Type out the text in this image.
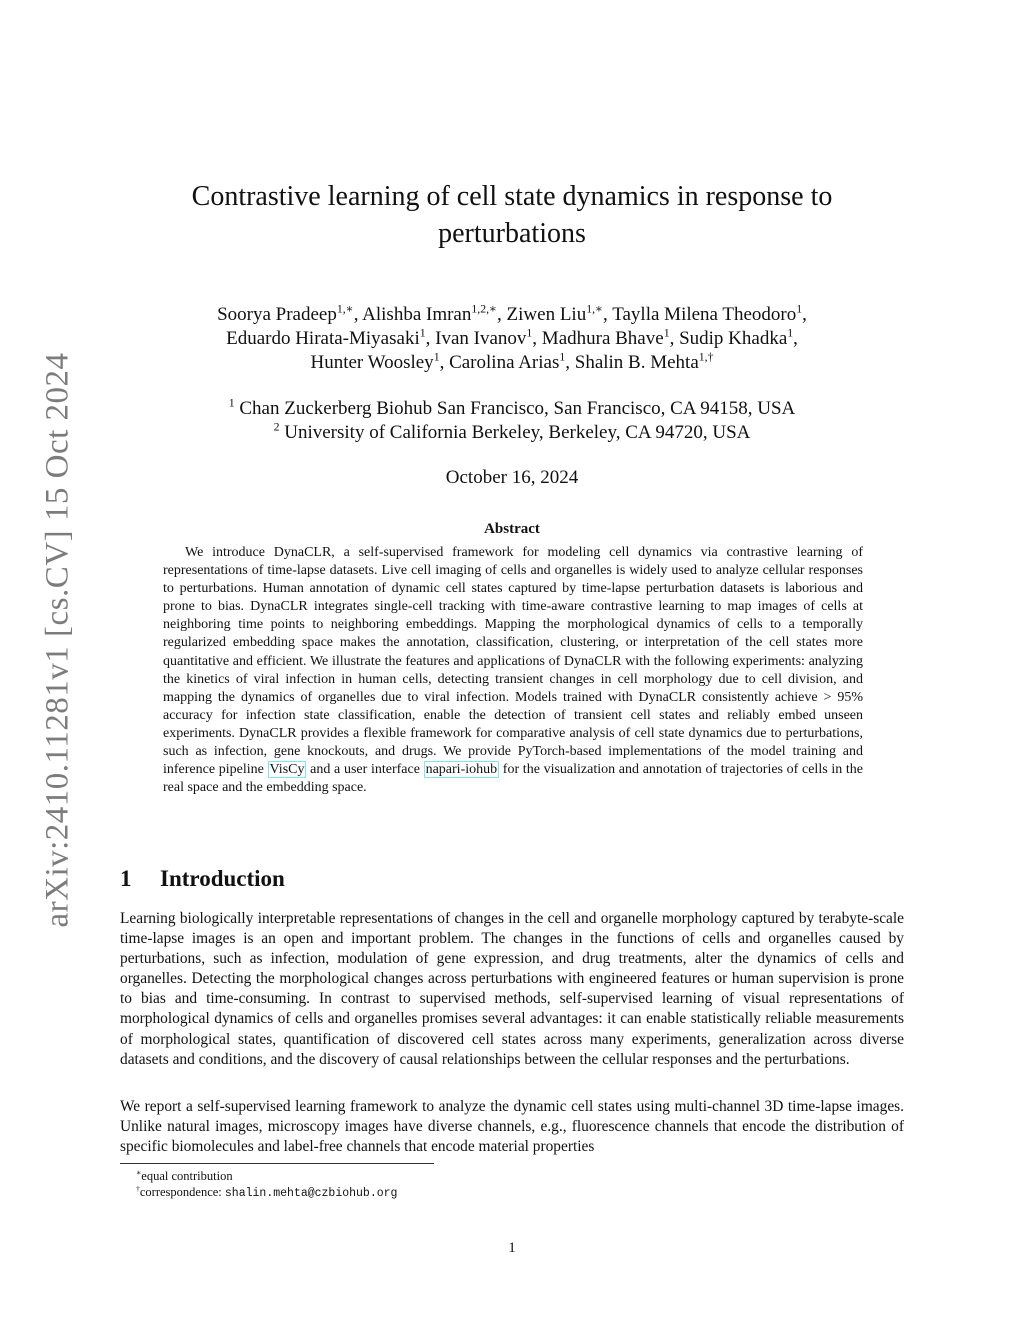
arXiv:2410.11281v1 [cs.CV] 15 Oct 2024
Contrastive learning of cell state dynamics in response to perturbations
Soorya Pradeep$^{1,∗}$, Alishba Imran$^{1,2,∗}$, Ziwen Liu$^{1,∗}$, Taylla Milena Theodoro$^1$,
Eduardo Hirata-Miyasaki$^1$, Ivan Ivanov$^1$, Madhura Bhave$^1$, Sudip Khadka$^1$,
Hunter Woosley$^1$, Carolina Arias$^1$, Shalin B. Mehta$^{1,\dagger}$
$^1$ Chan Zuckerberg Biohub San Francisco, San Francisco, CA 94158, USA
$^2$ University of California Berkeley, Berkeley, CA 94720, USA
October 16, 2024
Abstract
We introduce DynaCLR, a self-supervised framework for modeling cell dynamics via contrastive learning of representations of time-lapse datasets. Live cell imaging of cells and organelles is widely used to analyze cellular responses to perturbations. Human annotation of dynamic cell states captured by time-lapse perturbation datasets is laborious and prone to bias. DynaCLR integrates single-cell tracking with time-aware contrastive learning to map images of cells at neighboring time points to neighboring embeddings. Mapping the morphological dynamics of cells to a temporally regularized embedding space makes the annotation, classification, clustering, or interpretation of the cell states more quantitative and efficient. We illustrate the features and applications of DynaCLR with the following experiments: analyzing the kinetics of viral infection in human cells, detecting transient changes in cell morphology due to cell division, and mapping the dynamics of organelles due to viral infection. Models trained with DynaCLR consistently achieve > 95% accuracy for infection state classification, enable the detection of transient cell states and reliably embed unseen experiments. DynaCLR provides a flexible framework for comparative analysis of cell state dynamics due to perturbations, such as infection, gene knockouts, and drugs. We provide PyTorch-based implementations of the model training and inference pipeline VisCy and a user interface napari-iohub for the visualization and annotation of trajectories of cells in the real space and the embedding space.
1 Introduction
Learning biologically interpretable representations of changes in the cell and organelle morphology captured by terabyte-scale time-lapse images is an open and important problem. The changes in the functions of cells and organelles caused by perturbations, such as infection, modulation of gene expression, and drug treatments, alter the dynamics of cells and organelles. Detecting the morphological changes across perturbations with engineered features or human supervision is prone to bias and time-consuming. In contrast to supervised methods, self-supervised learning of visual representations of morphological dynamics of cells and organelles promises several advantages: it can enable statistically reliable measurements of morphological states, quantification of discovered cell states across many experiments, generalization across diverse datasets and conditions, and the discovery of causal relationships between the cellular responses and the perturbations.
We report a self-supervised learning framework to analyze the dynamic cell states using multi-channel 3D time-lapse images. Unlike natural images, microscopy images have diverse channels, e.g., fluorescence channels that encode the distribution of specific biomolecules and label-free channels that encode material properties
∗equal contribution
†correspondence: shalin.mehta@czbiohub.org
1
